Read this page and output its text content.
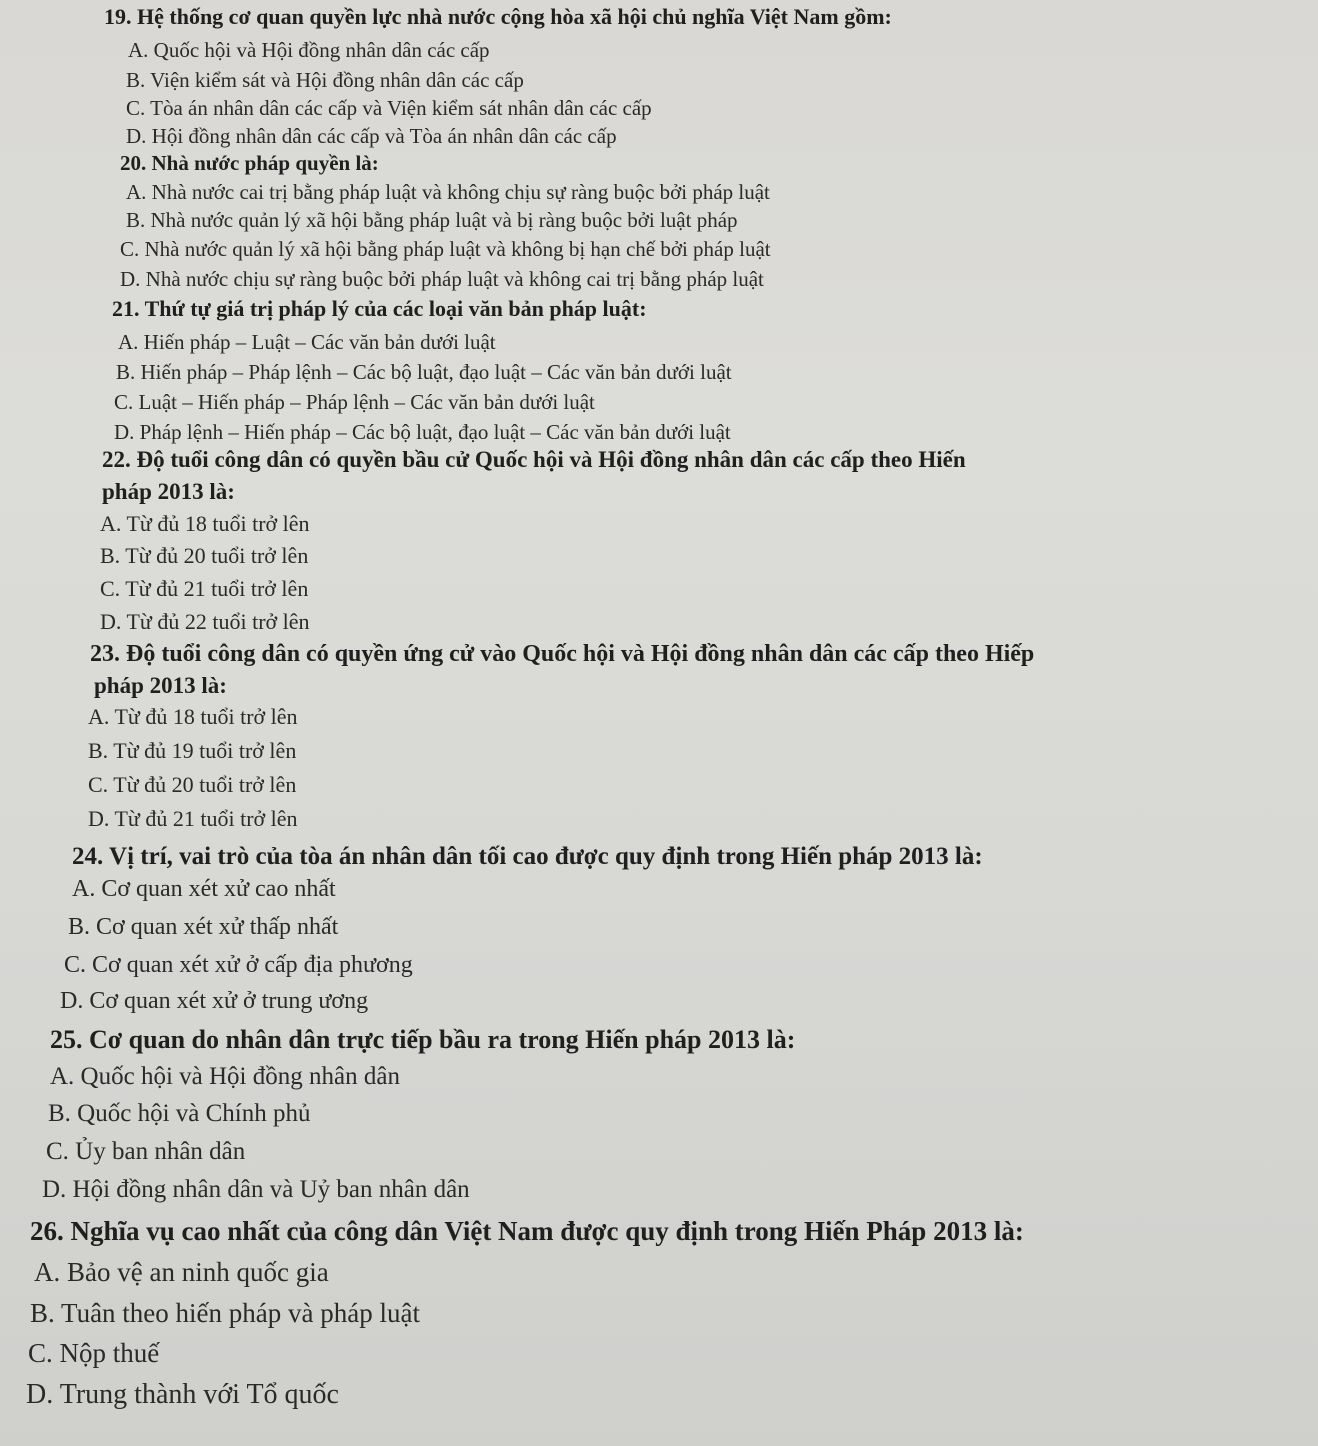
19. Hệ thống cơ quan quyền lực nhà nước cộng hòa xã hội chủ nghĩa Việt Nam gồm:

A. Quốc hội và Hội đồng nhân dân các cấp

B. Viện kiểm sát và Hội đồng nhân dân các cấp

C. Tòa án nhân dân các cấp và Viện kiểm sát nhân dân các cấp

D. Hội đồng nhân dân các cấp và Tòa án nhân dân các cấp

20. Nhà nước pháp quyền là:

A. Nhà nước cai trị bằng pháp luật và không chịu sự ràng buộc bởi pháp luật

B. Nhà nước quản lý xã hội bằng pháp luật và bị ràng buộc bởi luật pháp

C. Nhà nước quản lý xã hội bằng pháp luật và không bị hạn chế bởi pháp luật

D. Nhà nước chịu sự ràng buộc bởi pháp luật và không cai trị bằng pháp luật

21. Thứ tự giá trị pháp lý của các loại văn bản pháp luật:

A. Hiến pháp – Luật – Các văn bản dưới luật

B. Hiến pháp – Pháp lệnh – Các bộ luật, đạo luật – Các văn bản dưới luật

C. Luật – Hiến pháp – Pháp lệnh – Các văn bản dưới luật

D. Pháp lệnh – Hiến pháp – Các bộ luật, đạo luật – Các văn bản dưới luật

22. Độ tuổi công dân có quyền bầu cử Quốc hội và Hội đồng nhân dân các cấp theo Hiến

pháp 2013 là:

A. Từ đủ 18 tuổi trở lên

B. Từ đủ 20 tuổi trở lên

C. Từ đủ 21 tuổi trở lên

D. Từ đủ 22 tuổi trở lên

23. Độ tuổi công dân có quyền ứng cử vào Quốc hội và Hội đồng nhân dân các cấp theo Hiếp

pháp 2013 là:

A. Từ đủ 18 tuổi trở lên

B. Từ đủ 19 tuổi trở lên

C. Từ đủ 20 tuổi trở lên

D. Từ đủ 21 tuổi trở lên

24. Vị trí, vai trò của tòa án nhân dân tối cao được quy định trong Hiến pháp 2013 là:

A. Cơ quan xét xử cao nhất

B. Cơ quan xét xử thấp nhất

C. Cơ quan xét xử ở cấp địa phương

D. Cơ quan xét xử ở trung ương

25. Cơ quan do nhân dân trực tiếp bầu ra trong Hiến pháp 2013 là:

A. Quốc hội và Hội đồng nhân dân

B. Quốc hội và Chính phủ

C. Ủy ban nhân dân

D. Hội đồng nhân dân và Uỷ ban nhân dân

26. Nghĩa vụ cao nhất của công dân Việt Nam được quy định trong Hiến Pháp 2013 là:

A. Bảo vệ an ninh quốc gia

B. Tuân theo hiến pháp và pháp luật

C. Nộp thuế

D. Trung thành với Tổ quốc
